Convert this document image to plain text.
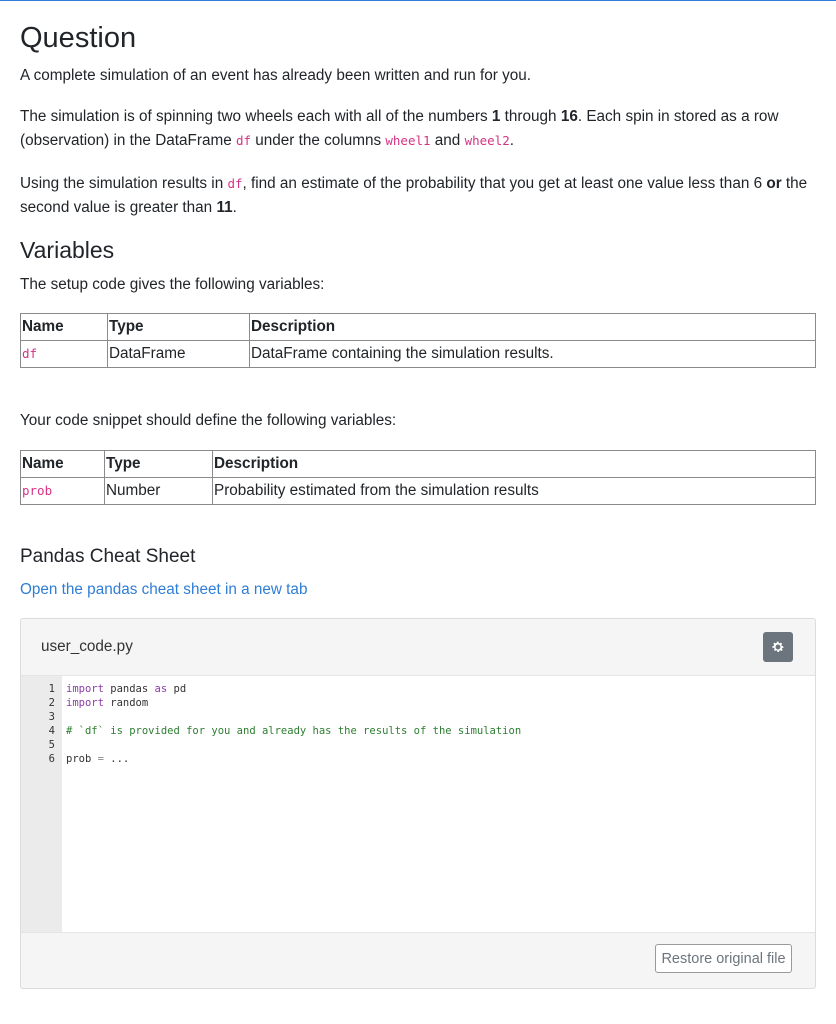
Question

A complete simulation of an event has already been written and run for you.

The simulation is of spinning two wheels each with all of the numbers 1 through 16. Each spin in stored as a row (observation) in the DataFrame df under the columns wheel1 and wheel2.

Using the simulation results in df, find an estimate of the probability that you get at least one value less than 6 or the second value is greater than 11.

Variables

The setup code gives the following variables:

Name	Type	Description
df	DataFrame	DataFrame containing the simulation results.

Your code snippet should define the following variables:

Name	Type	Description
prob	Number	Probability estimated from the simulation results
Pandas Cheat Sheet

Open the pandas cheat sheet in a new tab

user_code.py
1
2
3
4
5
6
import pandas as pd
import random
# `df` is provided for you and already has the results of the simulation
prob = ...
Restore original file
